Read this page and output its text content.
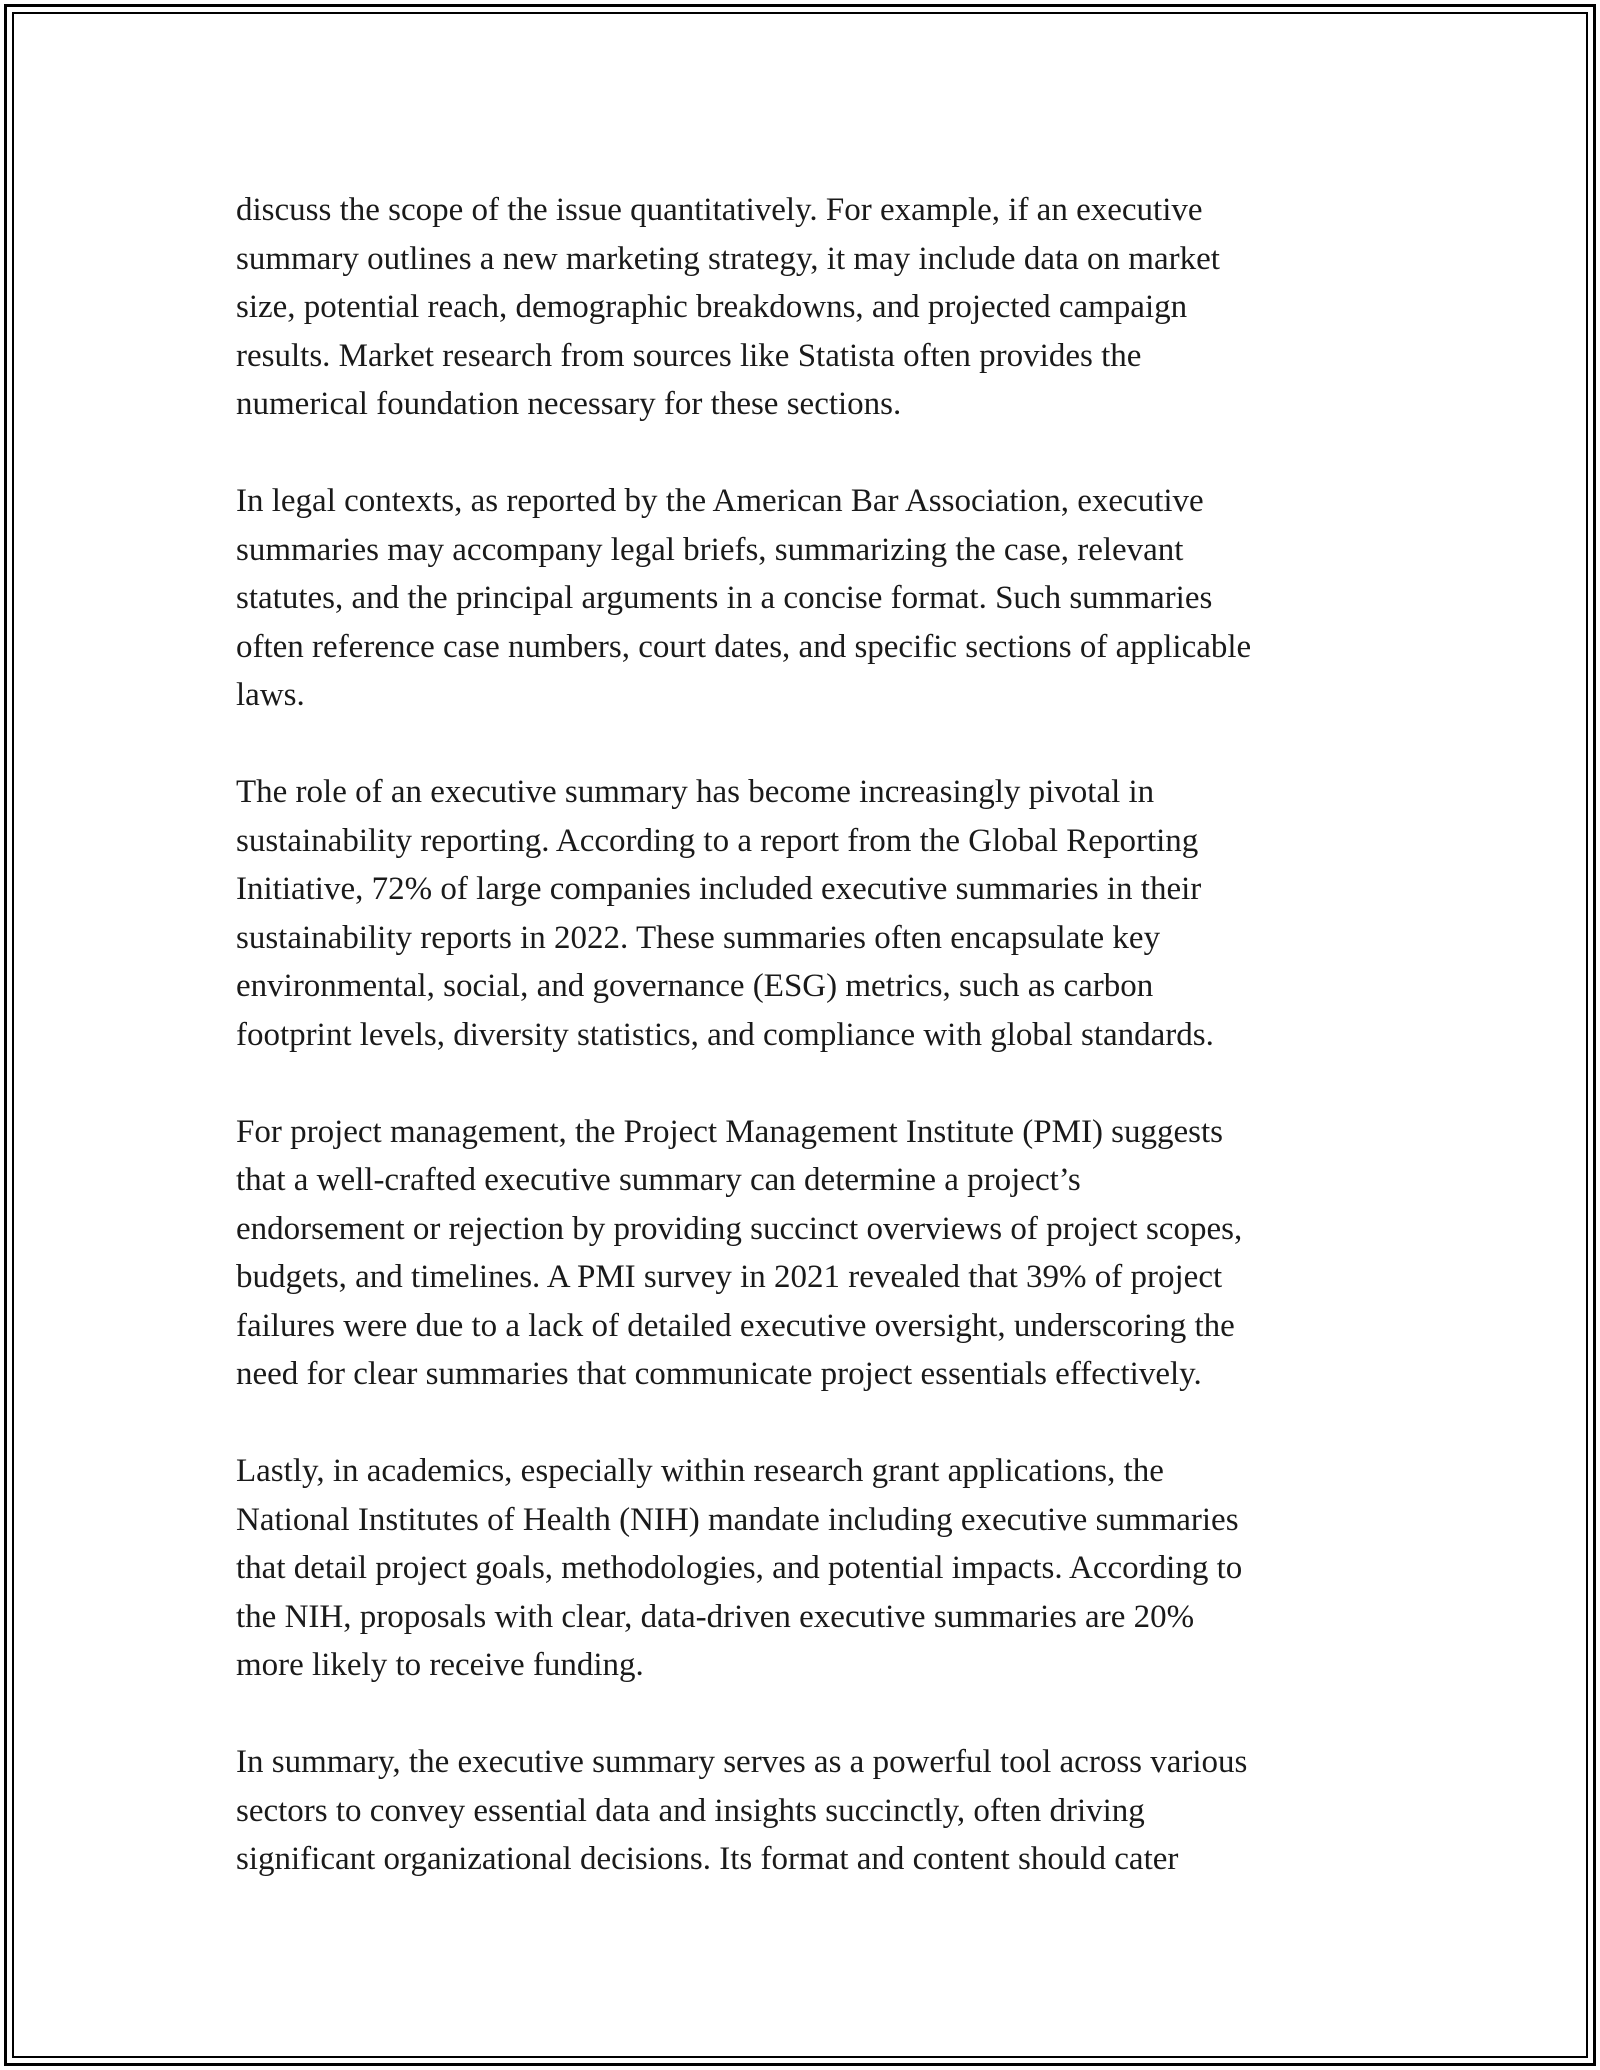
discuss the scope of the issue quantitatively. For example, if an executive
summary outlines a new marketing strategy, it may include data on market
size, potential reach, demographic breakdowns, and projected campaign
results. Market research from sources like Statista often provides the
numerical foundation necessary for these sections.

In legal contexts, as reported by the American Bar Association, executive
summaries may accompany legal briefs, summarizing the case, relevant
statutes, and the principal arguments in a concise format. Such summaries
often reference case numbers, court dates, and specific sections of applicable
laws.

The role of an executive summary has become increasingly pivotal in
sustainability reporting. According to a report from the Global Reporting
Initiative, 72% of large companies included executive summaries in their
sustainability reports in 2022. These summaries often encapsulate key
environmental, social, and governance (ESG) metrics, such as carbon
footprint levels, diversity statistics, and compliance with global standards.

For project management, the Project Management Institute (PMI) suggests
that a well-crafted executive summary can determine a project’s
endorsement or rejection by providing succinct overviews of project scopes,
budgets, and timelines. A PMI survey in 2021 revealed that 39% of project
failures were due to a lack of detailed executive oversight, underscoring the
need for clear summaries that communicate project essentials effectively.

Lastly, in academics, especially within research grant applications, the
National Institutes of Health (NIH) mandate including executive summaries
that detail project goals, methodologies, and potential impacts. According to
the NIH, proposals with clear, data-driven executive summaries are 20%
more likely to receive funding.

In summary, the executive summary serves as a powerful tool across various
sectors to convey essential data and insights succinctly, often driving
significant organizational decisions. Its format and content should cater
